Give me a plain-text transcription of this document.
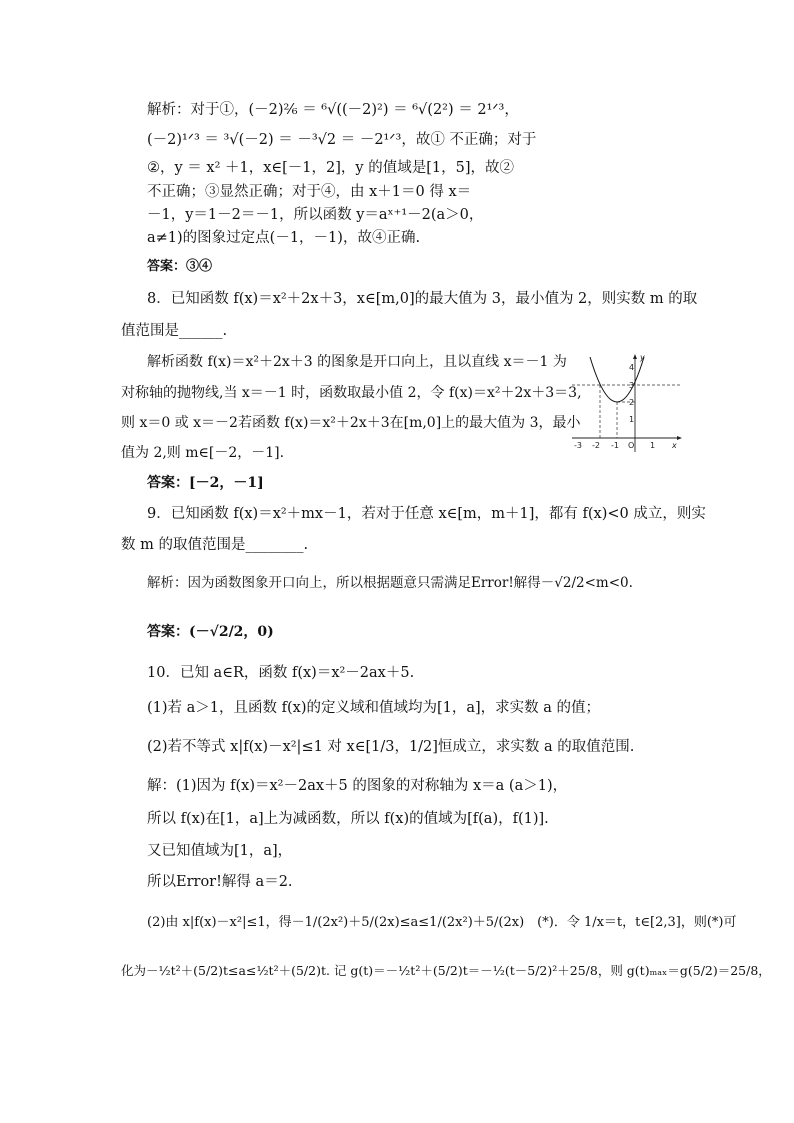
解析：对于①，(－2)²⁄₆ ＝ ⁶√((－2)²) ＝ ⁶√(2²) ＝ 2¹ᐟ³，
(－2)¹ᐟ³ ＝ ³√(－2) ＝ －³√2 ＝ －2¹ᐟ³，故① 不正确；对于
②，y ＝ x² ＋1，x∈[－1，2]，y 的值域是[1，5]，故②
不正确；③显然正确；对于④，由 x＋1＝0 得 x＝
－1，y＝1－2＝－1，所以函数 y＝aˣ⁺¹－2(a＞0，
a≠1)的图象过定点(－1，－1)，故④正确.
答案：③④
8．已知函数 f(x)＝x²＋2x＋3，x∈[m,0]的最大值为 3，最小值为 2，则实数 m 的取
值范围是______.
解析函数 f(x)＝x²＋2x＋3 的图象是开口向上，且以直线 x＝－1 为
对称轴的抛物线,当 x＝－1 时，函数取最小值 2，令 f(x)＝x²＋2x＋3＝3,
则 x＝0 或 x＝－2若函数 f(x)＝x²＋2x＋3在[m,0]上的最大值为 3，最小
值为 2,则 m∈[－2，－1].
答案：[－2，－1]
-3 -2 -1 O 1
4
3
2
1
x
y
9．已知函数 f(x)＝x²＋mx－1，若对于任意 x∈[m，m＋1]，都有 f(x)<0 成立，则实
数 m 的取值范围是________.
解析：因为函数图象开口向上，所以根据题意只需满足Error!解得－√2/2<m<0.
答案：(－√2/2，0)
10．已知 a∈R，函数 f(x)＝x²－2ax＋5.
(1)若 a＞1，且函数 f(x)的定义域和值域均为[1，a]，求实数 a 的值；
(2)若不等式 x|f(x)－x²|≤1 对 x∈[1/3，1/2]恒成立，求实数 a 的取值范围.
解：(1)因为 f(x)＝x²－2ax＋5 的图象的对称轴为 x＝a (a＞1)，
所以 f(x)在[1，a]上为减函数，所以 f(x)的值域为[f(a)，f(1)].
又已知值域为[1，a]，
所以Error!解得 a＝2.
(2)由 x|f(x)－x²|≤1，得－1/(2x²)＋5/(2x)≤a≤1/(2x²)＋5/(2x)　(*)．令 1/x＝t，t∈[2,3]，则(*)可
化为－½t²＋(5/2)t≤a≤½t²＋(5/2)t. 记 g(t)＝－½t²＋(5/2)t＝－½(t－5/2)²＋25/8，则 g(t)ₘₐₓ＝g(5/2)＝25/8，
